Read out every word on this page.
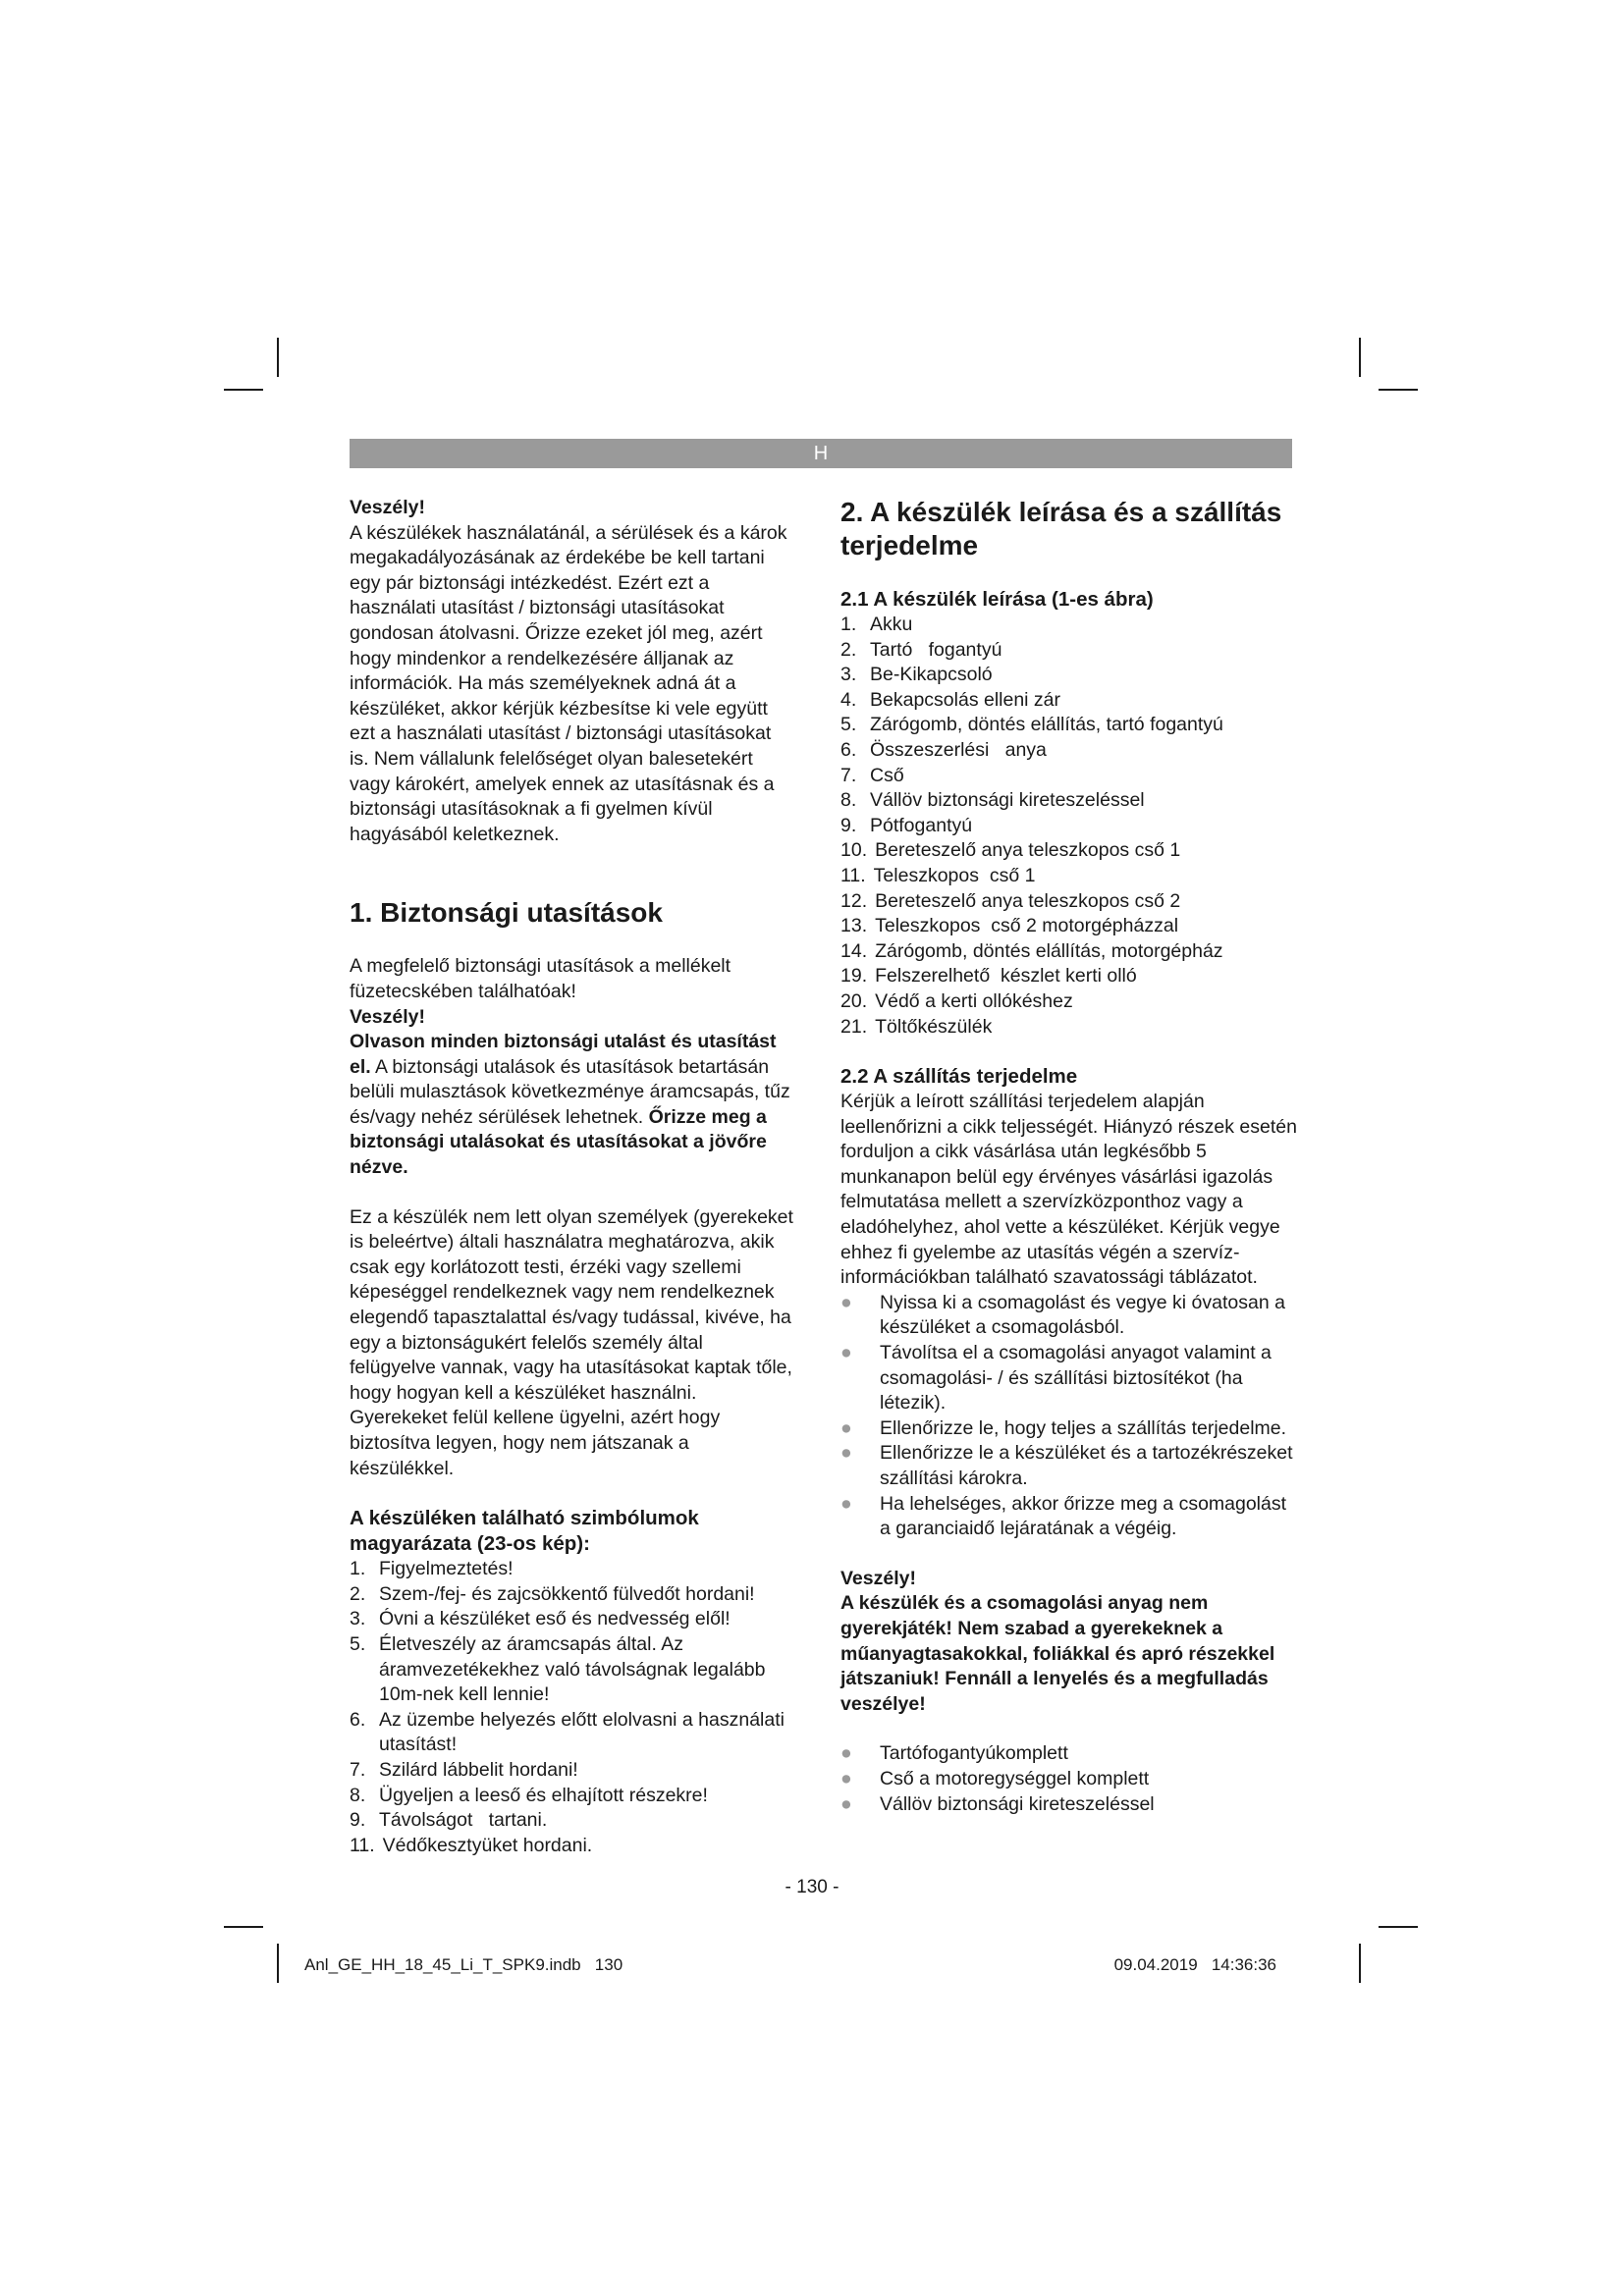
H

Veszély!

A készülékek használatánál, a sérülések és a károk megakadályozásának az érdekébe be kell tartani egy pár biztonsági intézkedést. Ezért ezt a használati utasítást / biztonsági utasításokat gondosan átolvasni. Őrizze ezeket jól meg, azért hogy mindenkor a rendelkezésére álljanak az információk. Ha más személyeknek adná át a készüléket, akkor kérjük kézbesítse ki vele együtt ezt a használati utasítást / biztonsági utasításokat is. Nem vállalunk felelőséget olyan balesetekért vagy károkért, amelyek ennek az utasításnak és a biztonsági utasításoknak a fi gyelmen kívül hagyásából keletkeznek.

1. Biztonsági utasítások

A megfelelő biztonsági utasítások a mellékelt füzetecskében találhatóak!

Veszély!

Olvason minden biztonsági utalást és utasítást el. A biztonsági utalások és utasítások betartásán belüli mulasztások következménye áramcsapás, tűz és/vagy nehéz sérülések lehetnek. Őrizze meg a biztonsági utalásokat és utasításokat a jövőre nézve.

Ez a készülék nem lett olyan személyek (gyerekeket is beleértve) általi használatra meghatározva, akik csak egy korlátozott testi, érzéki vagy szellemi képeséggel rendelkeznek vagy nem rendelkeznek elegendő tapasztalattal és/vagy tudással, kivéve, ha egy a biztonságukért felelős személy által felügyelve vannak, vagy ha utasításokat kaptak tőle, hogy hogyan kell a készüléket használni. Gyerekeket felül kellene ügyelni, azért hogy biztosítva legyen, hogy nem játszanak a készülékkel.

A készüléken található szimbólumok magyarázata (23-os kép):
1. Figyelmeztetés!
2. Szem-/fej- és zajcsökkentő fülvedőt hordani!
3. Óvni a készüléket eső és nedvesség elől!
5. Életveszély az áramcsapás által. Az áramvezetékekhez való távolságnak legalább 10m-nek kell lennie!
6. Az üzembe helyezés előtt elolvasni a használati utasítást!
7. Szilárd lábbelit hordani!
8. Ügyeljen a leeső és elhajított részekre!
9. Távolságot   tartani.
11. Védőkesztyüket hordani.
2. A készülék leírása és a szállítás terjedelme
2.1 A készülék leírása (1-es ábra)
1. Akku
2. Tartó   fogantyú
3. Be-Kikapcsoló
4. Bekapcsolás elleni zár
5. Zárógomb, döntés elállítás, tartó fogantyú
6. Összeszerlési   anya
7. Cső
8. Vállöv biztonsági kireteszeléssel
9. Pótfogantyú
10. Bereteszelő anya teleszkopos cső 1
11. Teleszkopos  cső 1
12. Bereteszelő anya teleszkopos cső 2
13. Teleszkopos  cső 2 motorgépházzal
14. Zárógomb, döntés elállítás, motorgépház
19. Felszerelhető  készlet kerti olló
20. Védő a kerti ollókéshez
21. Töltőkészülék
2.2 A szállítás terjedelme

Kérjük a leírott szállítási terjedelem alapján leellenőrizni a cikk teljességét. Hiányzó részek esetén forduljon a cikk vásárlása után legkésőbb 5 munkanapon belül egy érvényes vásárlási igazolás felmutatása mellett a szervízközponthoz vagy a eladóhelyhez, ahol vette a készüléket. Kérjük vegye ehhez fi gyelembe az utasítás végén a szervíz-információkban található szavatossági táblázatot.

●	Nyissa ki a csomagolást és vegye ki óvatosan a készüléket a csomagolásból.
●	Távolítsa el a csomagolási anyagot valamint a csomagolási- / és szállítási biztosítékot (ha létezik).
●	Ellenőrizze le, hogy teljes a szállítás terjedelme.
●	Ellenőrizze le a készüléket és a tartozékrészeket szállítási károkra.
●	Ha lehelséges, akkor őrizze meg a csomagolást a garanciaidő lejáratának a végéig.

Veszély!

A készülék és a csomagolási anyag nem gyerekjáték! Nem szabad a gyerekeknek a műanyagtasakokkal, foliákkal és apró részekkel játszaniuk! Fennáll a lenyelés és a megfulladás veszélye!

●	Tartófogantyúkomplett
●	Cső a motoregységgel komplett
●	Vállöv biztonsági kireteszeléssel
- 130 -
Anl_GE_HH_18_45_Li_T_SPK9.indb   130	09.04.2019   14:36:36
